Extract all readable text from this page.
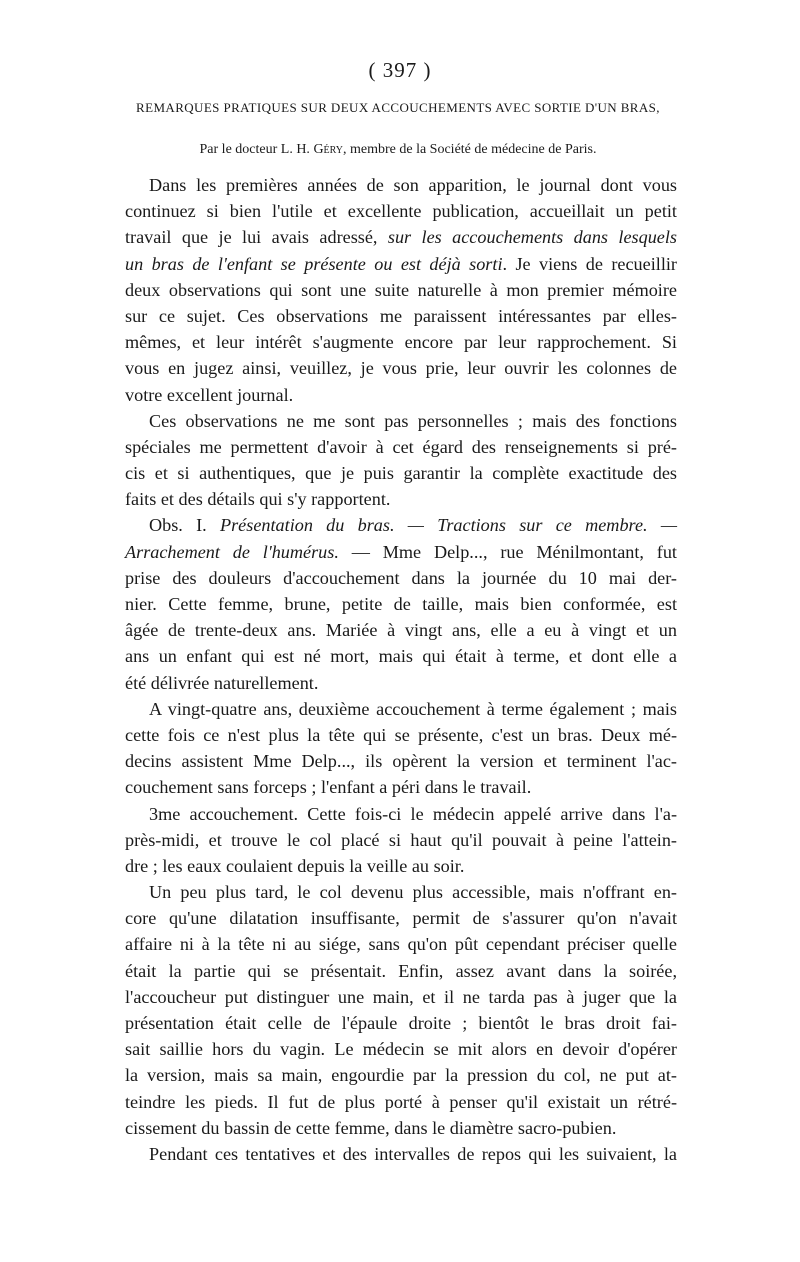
( 397 )
REMARQUES PRATIQUES SUR DEUX ACCOUCHEMENTS AVEC SORTIE D'UN BRAS,
Par le docteur L. H. Géry, membre de la Société de médecine de Paris.
Dans les premières années de son apparition, le journal dont vous
continuez si bien l'utile et excellente publication, accueillait un petit
travail que je lui avais adressé, sur les accouchements dans lesquels
un bras de l'enfant se présente ou est déjà sorti. Je viens de recueillir
deux observations qui sont une suite naturelle à mon premier mémoire
sur ce sujet. Ces observations me paraissent intéressantes par elles-
mêmes, et leur intérêt s'augmente encore par leur rapprochement. Si
vous en jugez ainsi, veuillez, je vous prie, leur ouvrir les colonnes de
votre excellent journal.
Ces observations ne me sont pas personnelles ; mais des fonctions
spéciales me permettent d'avoir à cet égard des renseignements si pré-
cis et si authentiques, que je puis garantir la complète exactitude des
faits et des détails qui s'y rapportent.
Obs. I. Présentation du bras. — Tractions sur ce membre. —
Arrachement de l'humérus. — Mme Delp..., rue Ménilmontant, fut
prise des douleurs d'accouchement dans la journée du 10 mai der-
nier. Cette femme, brune, petite de taille, mais bien conformée, est
âgée de trente-deux ans. Mariée à vingt ans, elle a eu à vingt et un
ans un enfant qui est né mort, mais qui était à terme, et dont elle a
été délivrée naturellement.
A vingt-quatre ans, deuxième accouchement à terme également ; mais
cette fois ce n'est plus la tête qui se présente, c'est un bras. Deux mé-
decins assistent Mme Delp..., ils opèrent la version et terminent l'ac-
couchement sans forceps ; l'enfant a péri dans le travail.
3me accouchement. Cette fois-ci le médecin appelé arrive dans l'a-
près-midi, et trouve le col placé si haut qu'il pouvait à peine l'attein-
dre ; les eaux coulaient depuis la veille au soir.
Un peu plus tard, le col devenu plus accessible, mais n'offrant en-
core qu'une dilatation insuffisante, permit de s'assurer qu'on n'avait
affaire ni à la tête ni au siége, sans qu'on pût cependant préciser quelle
était la partie qui se présentait. Enfin, assez avant dans la soirée,
l'accoucheur put distinguer une main, et il ne tarda pas à juger que la
présentation était celle de l'épaule droite ; bientôt le bras droit fai-
sait saillie hors du vagin. Le médecin se mit alors en devoir d'opérer
la version, mais sa main, engourdie par la pression du col, ne put at-
teindre les pieds. Il fut de plus porté à penser qu'il existait un rétré-
cissement du bassin de cette femme, dans le diamètre sacro-pubien.
Pendant ces tentatives et des intervalles de repos qui les suivaient, la
